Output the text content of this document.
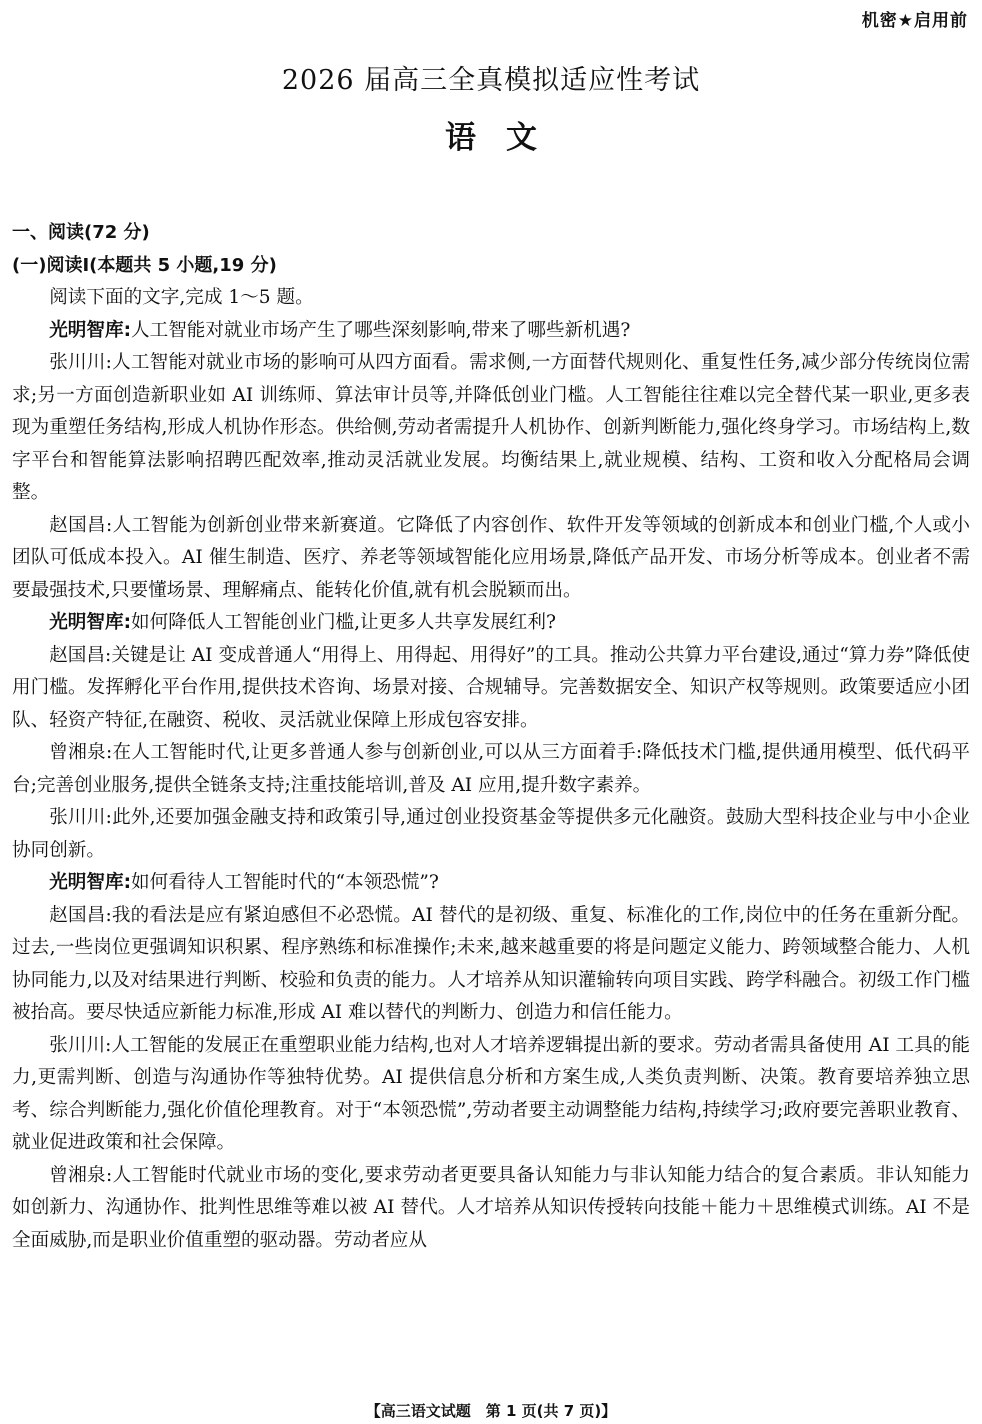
机密★启用前
2026 届高三全真模拟适应性考试
语文
一、阅读(72 分)
(一)阅读Ⅰ(本题共 5 小题,19 分)

阅读下面的文字,完成 1～5 题。

光明智库:人工智能对就业市场产生了哪些深刻影响,带来了哪些新机遇?

张川川:人工智能对就业市场的影响可从四方面看。需求侧,一方面替代规则化、重复性任务,减少部分传统岗位需求;另一方面创造新职业如 AI 训练师、算法审计员等,并降低创业门槛。人工智能往往难以完全替代某一职业,更多表现为重塑任务结构,形成人机协作形态。供给侧,劳动者需提升人机协作、创新判断能力,强化终身学习。市场结构上,数字平台和智能算法影响招聘匹配效率,推动灵活就业发展。均衡结果上,就业规模、结构、工资和收入分配格局会调整。

赵国昌:人工智能为创新创业带来新赛道。它降低了内容创作、软件开发等领域的创新成本和创业门槛,个人或小团队可低成本投入。AI 催生制造、医疗、养老等领域智能化应用场景,降低产品开发、市场分析等成本。创业者不需要最强技术,只要懂场景、理解痛点、能转化价值,就有机会脱颖而出。

光明智库:如何降低人工智能创业门槛,让更多人共享发展红利?

赵国昌:关键是让 AI 变成普通人“用得上、用得起、用得好”的工具。推动公共算力平台建设,通过“算力券”降低使用门槛。发挥孵化平台作用,提供技术咨询、场景对接、合规辅导。完善数据安全、知识产权等规则。政策要适应小团队、轻资产特征,在融资、税收、灵活就业保障上形成包容安排。

曾湘泉:在人工智能时代,让更多普通人参与创新创业,可以从三方面着手:降低技术门槛,提供通用模型、低代码平台;完善创业服务,提供全链条支持;注重技能培训,普及 AI 应用,提升数字素养。

张川川:此外,还要加强金融支持和政策引导,通过创业投资基金等提供多元化融资。鼓励大型科技企业与中小企业协同创新。

光明智库:如何看待人工智能时代的“本领恐慌”?

赵国昌:我的看法是应有紧迫感但不必恐慌。AI 替代的是初级、重复、标准化的工作,岗位中的任务在重新分配。过去,一些岗位更强调知识积累、程序熟练和标准操作;未来,越来越重要的将是问题定义能力、跨领域整合能力、人机协同能力,以及对结果进行判断、校验和负责的能力。人才培养从知识灌输转向项目实践、跨学科融合。初级工作门槛被抬高。要尽快适应新能力标准,形成 AI 难以替代的判断力、创造力和信任能力。

张川川:人工智能的发展正在重塑职业能力结构,也对人才培养逻辑提出新的要求。劳动者需具备使用 AI 工具的能力,更需判断、创造与沟通协作等独特优势。AI 提供信息分析和方案生成,人类负责判断、决策。教育要培养独立思考、综合判断能力,强化价值伦理教育。对于“本领恐慌”,劳动者要主动调整能力结构,持续学习;政府要完善职业教育、就业促进政策和社会保障。

曾湘泉:人工智能时代就业市场的变化,要求劳动者更要具备认知能力与非认知能力结合的复合素质。非认知能力如创新力、沟通协作、批判性思维等难以被 AI 替代。人才培养从知识传授转向技能＋能力＋思维模式训练。AI 不是全面威胁,而是职业价值重塑的驱动器。劳动者应从

【高三语文试题　第 1 页(共 7 页)】
